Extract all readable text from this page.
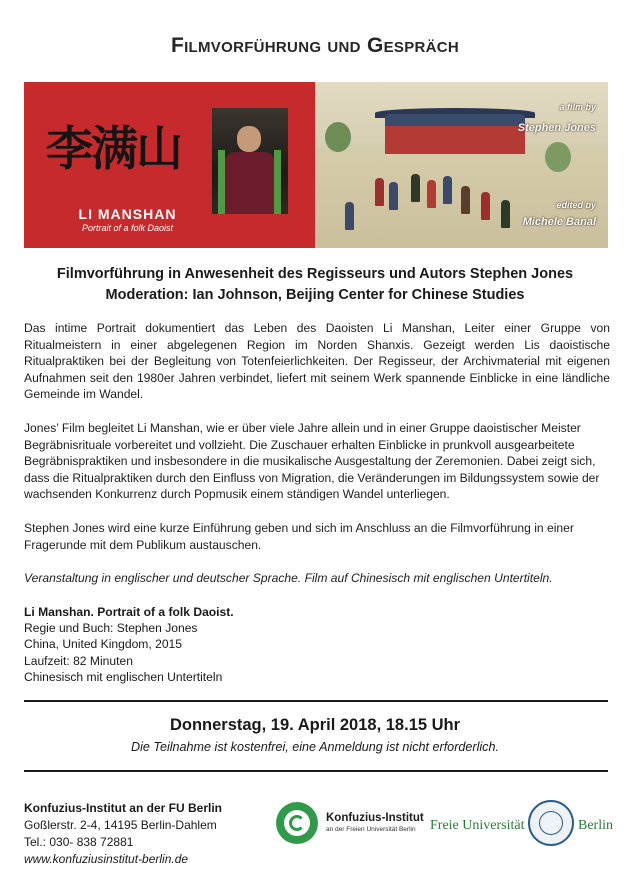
Filmvorführung und Gespräch
李满山
LI MANSHAN
Portrait of a folk Daoist
a film by
Stephen Jones
edited by
Michele Banal
Filmvorführung in Anwesenheit des Regisseurs und Autors Stephen Jones
Moderation: Ian Johnson, Beijing Center for Chinese Studies
Das intime Portrait dokumentiert das Leben des Daoisten Li Manshan, Leiter einer Gruppe von Ritualmeistern in einer abgelegenen Region im Norden Shanxis. Gezeigt werden Lis daoistische Ritualpraktiken bei der Begleitung von Totenfeierlichkeiten. Der Regisseur, der Archivmaterial mit eigenen Aufnahmen seit den 1980er Jahren verbindet, liefert mit seinem Werk spannende Einblicke in eine ländliche Gemeinde im Wandel.
Jones’ Film begleitet Li Manshan, wie er über viele Jahre allein und in einer Gruppe daoistischer Meister Begräbnisrituale vorbereitet und vollzieht. Die Zuschauer erhalten Einblicke in prunkvoll ausgearbeitete Begräbnispraktiken und insbesondere in die musikalische Ausgestaltung der Zeremonien. Dabei zeigt sich, dass die Ritualpraktiken durch den Einfluss von Migration, die Veränderungen im Bildungssystem sowie der wachsenden Konkurrenz durch Popmusik einem ständigen Wandel unterliegen.
Stephen Jones wird eine kurze Einführung geben und sich im Anschluss an die Filmvorführung in einer Fragerunde mit dem Publikum austauschen.
Veranstaltung in englischer und deutscher Sprache. Film auf Chinesisch mit englischen Untertiteln.
Li Manshan. Portrait of a folk Daoist.
Regie und Buch: Stephen Jones
China, United Kingdom, 2015
Laufzeit: 82 Minuten
Chinesisch mit englischen Untertiteln
Donnerstag, 19. April 2018, 18.15 Uhr
Die Teilnahme ist kostenfrei, eine Anmeldung ist nicht erforderlich.
Konfuzius-Institut an der FU Berlin
Goßlerstr. 2-4, 14195 Berlin-Dahlem
Tel.: 030- 838 72881
www.konfuziusinstitut-berlin.de
Konfuzius-Institut
an der Freien Universität Berlin Freie Universität	Berlin
